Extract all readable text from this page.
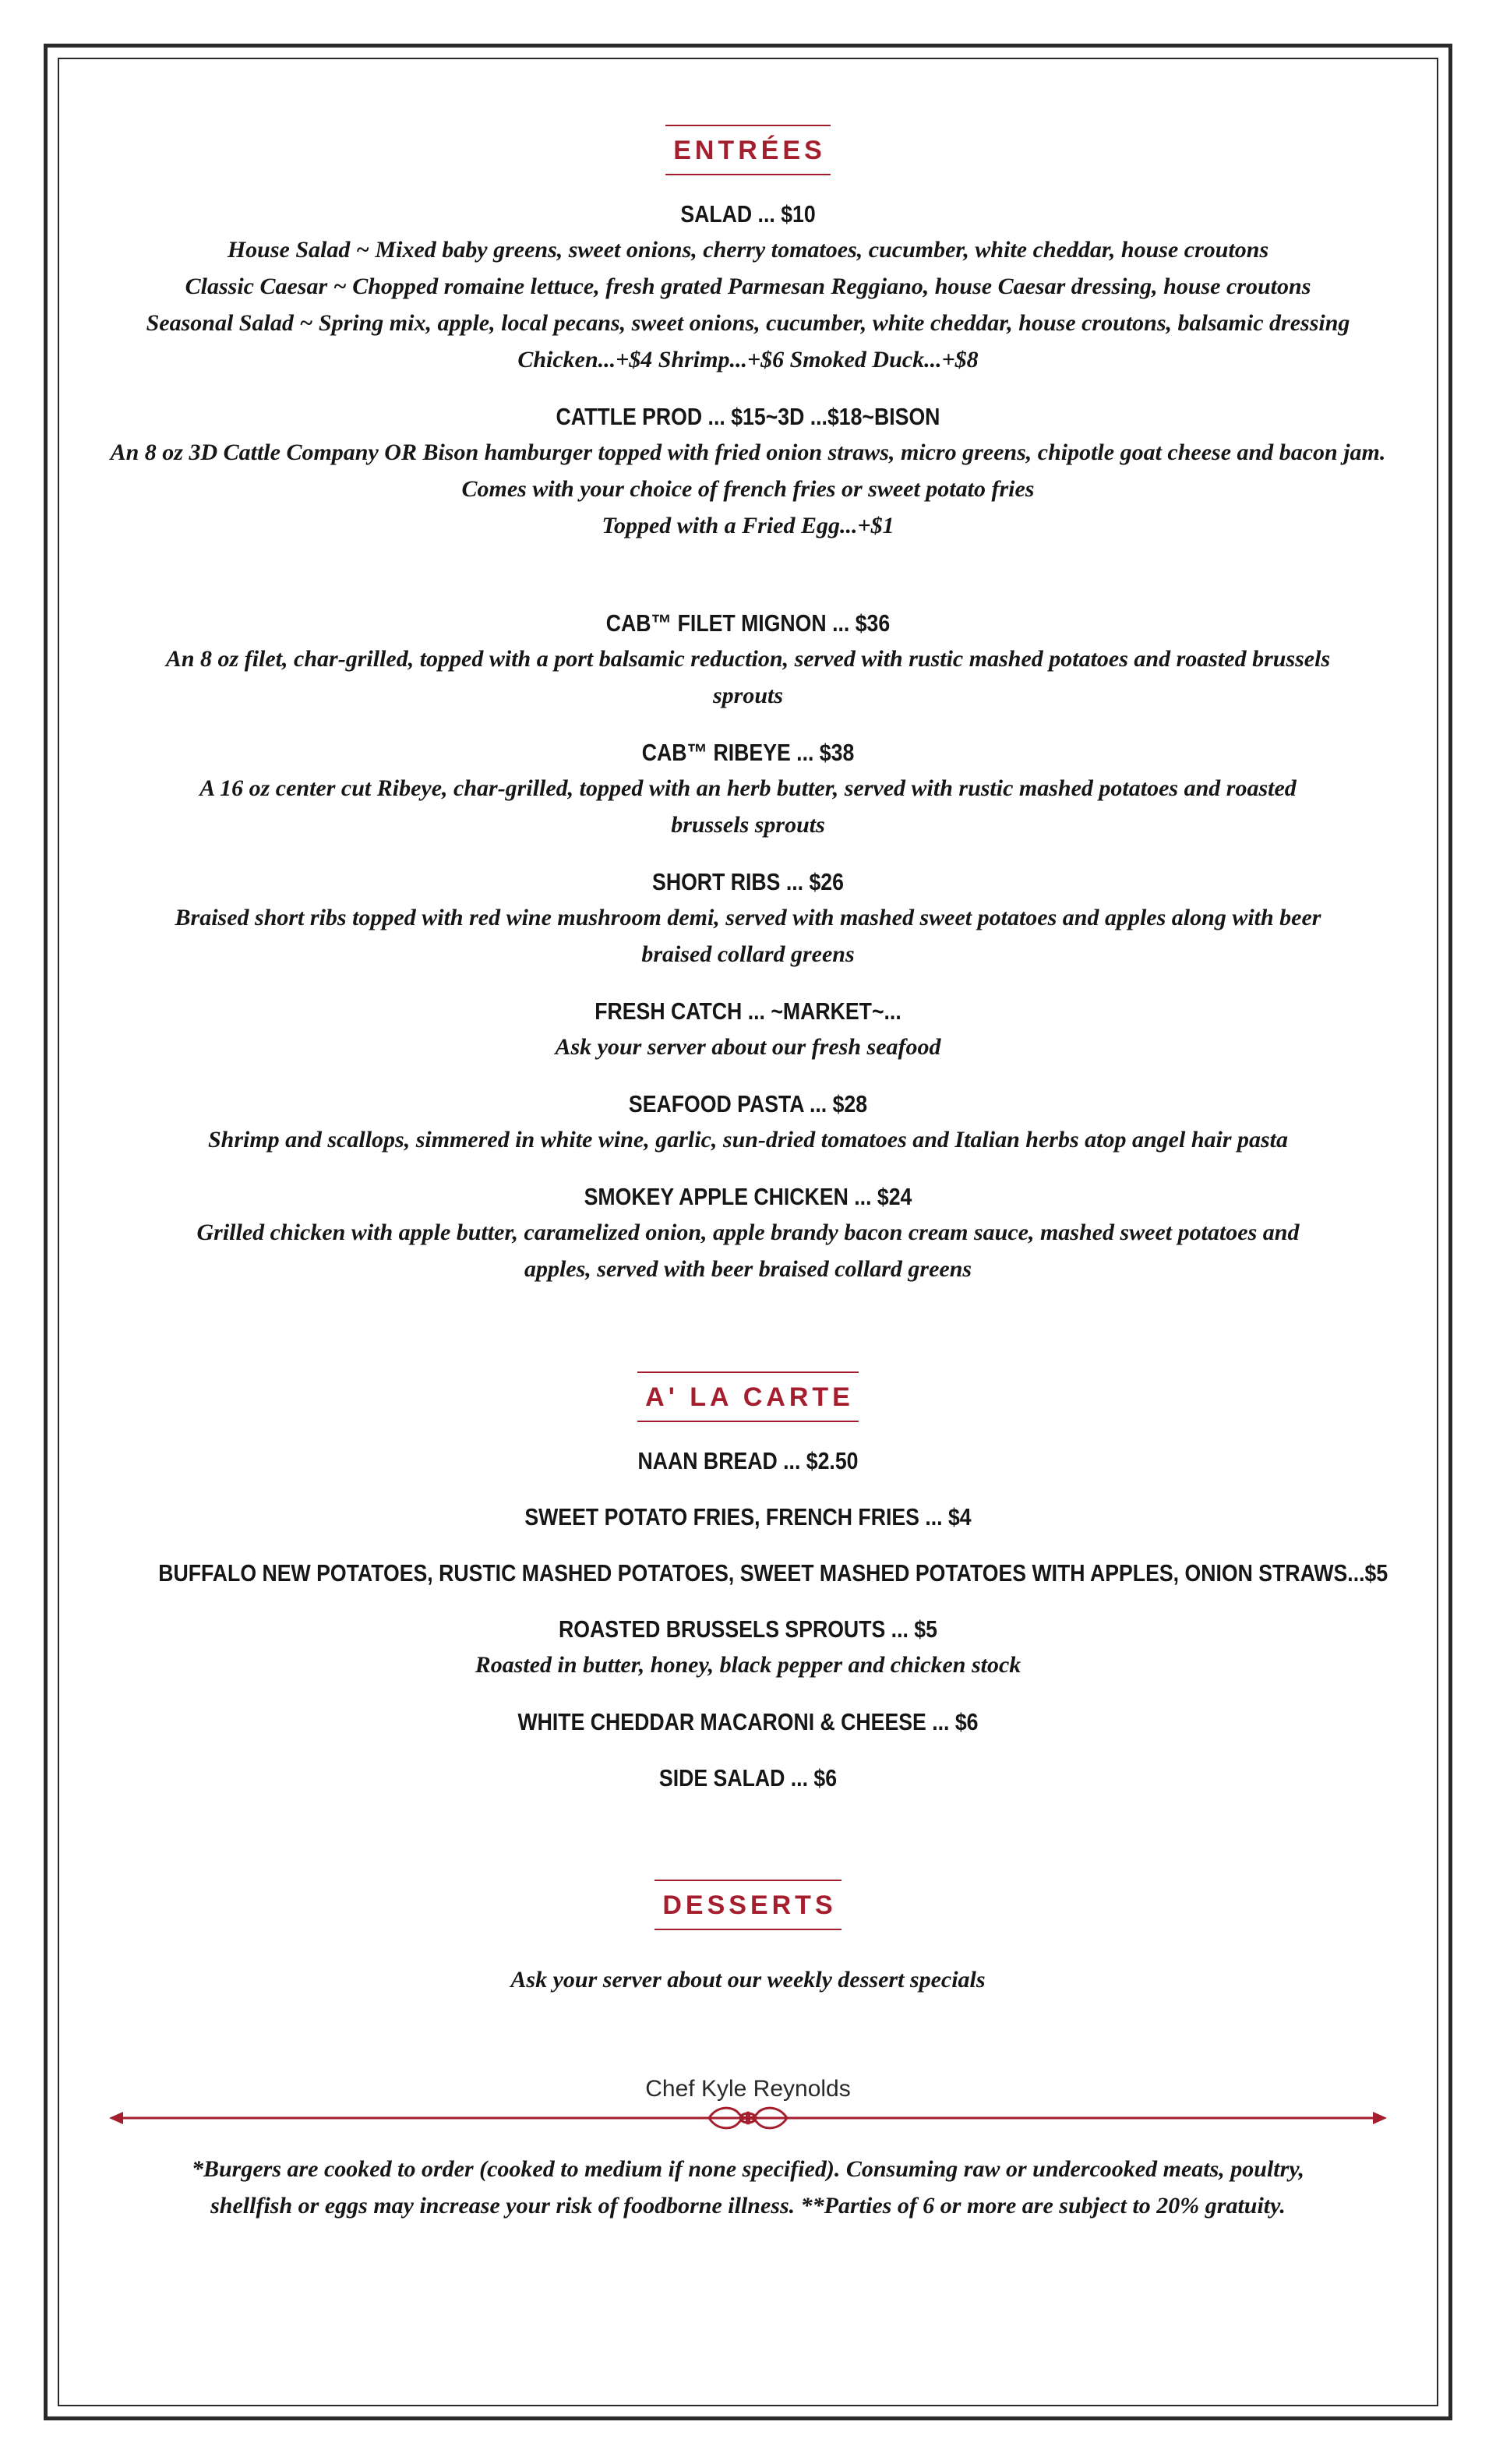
ENTRÉES

SALAD ... $10

House Salad ~ Mixed baby greens, sweet onions, cherry tomatoes, cucumber, white cheddar, house croutons

Classic Caesar ~ Chopped romaine lettuce, fresh grated Parmesan Reggiano, house Caesar dressing, house croutons

Seasonal Salad ~ Spring mix, apple, local pecans, sweet onions, cucumber, white cheddar, house croutons, balsamic dressing

Chicken...+$4 Shrimp...+$6 Smoked Duck...+$8

CATTLE PROD ... $15~3D ...$18~BISON

An 8 oz 3D Cattle Company OR Bison hamburger topped with fried onion straws, micro greens, chipotle goat cheese and bacon jam.

Comes with your choice of french fries or sweet potato fries

Topped with a Fried Egg...+$1

CAB™ FILET MIGNON ... $36

An 8 oz filet, char-grilled, topped with a port balsamic reduction, served with rustic mashed potatoes and roasted brussels

sprouts

CAB™ RIBEYE ... $38

A 16 oz center cut Ribeye, char-grilled, topped with an herb butter, served with rustic mashed potatoes and roasted

brussels sprouts

SHORT RIBS ... $26

Braised short ribs topped with red wine mushroom demi, served with mashed sweet potatoes and apples along with beer

braised collard greens

FRESH CATCH ... ~MARKET~...

Ask your server about our fresh seafood

SEAFOOD PASTA ... $28

Shrimp and scallops, simmered in white wine, garlic, sun-dried tomatoes and Italian herbs atop angel hair pasta

SMOKEY APPLE CHICKEN ... $24

Grilled chicken with apple butter, caramelized onion, apple brandy bacon cream sauce, mashed sweet potatoes and

apples, served with beer braised collard greens

A' LA CARTE

NAAN BREAD ... $2.50

SWEET POTATO FRIES, FRENCH FRIES ... $4

BUFFALO NEW POTATOES, RUSTIC MASHED POTATOES, SWEET MASHED POTATOES WITH APPLES, ONION STRAWS...$5

ROASTED BRUSSELS SPROUTS ... $5

Roasted in butter, honey, black pepper and chicken stock

WHITE CHEDDAR MACARONI & CHEESE ... $6

SIDE SALAD ... $6

DESSERTS

Ask your server about our weekly dessert specials

Chef Kyle Reynolds

*Burgers are cooked to order (cooked to medium if none specified). Consuming raw or undercooked meats, poultry,

shellfish or eggs may increase your risk of foodborne illness. **Parties of 6 or more are subject to 20% gratuity.
